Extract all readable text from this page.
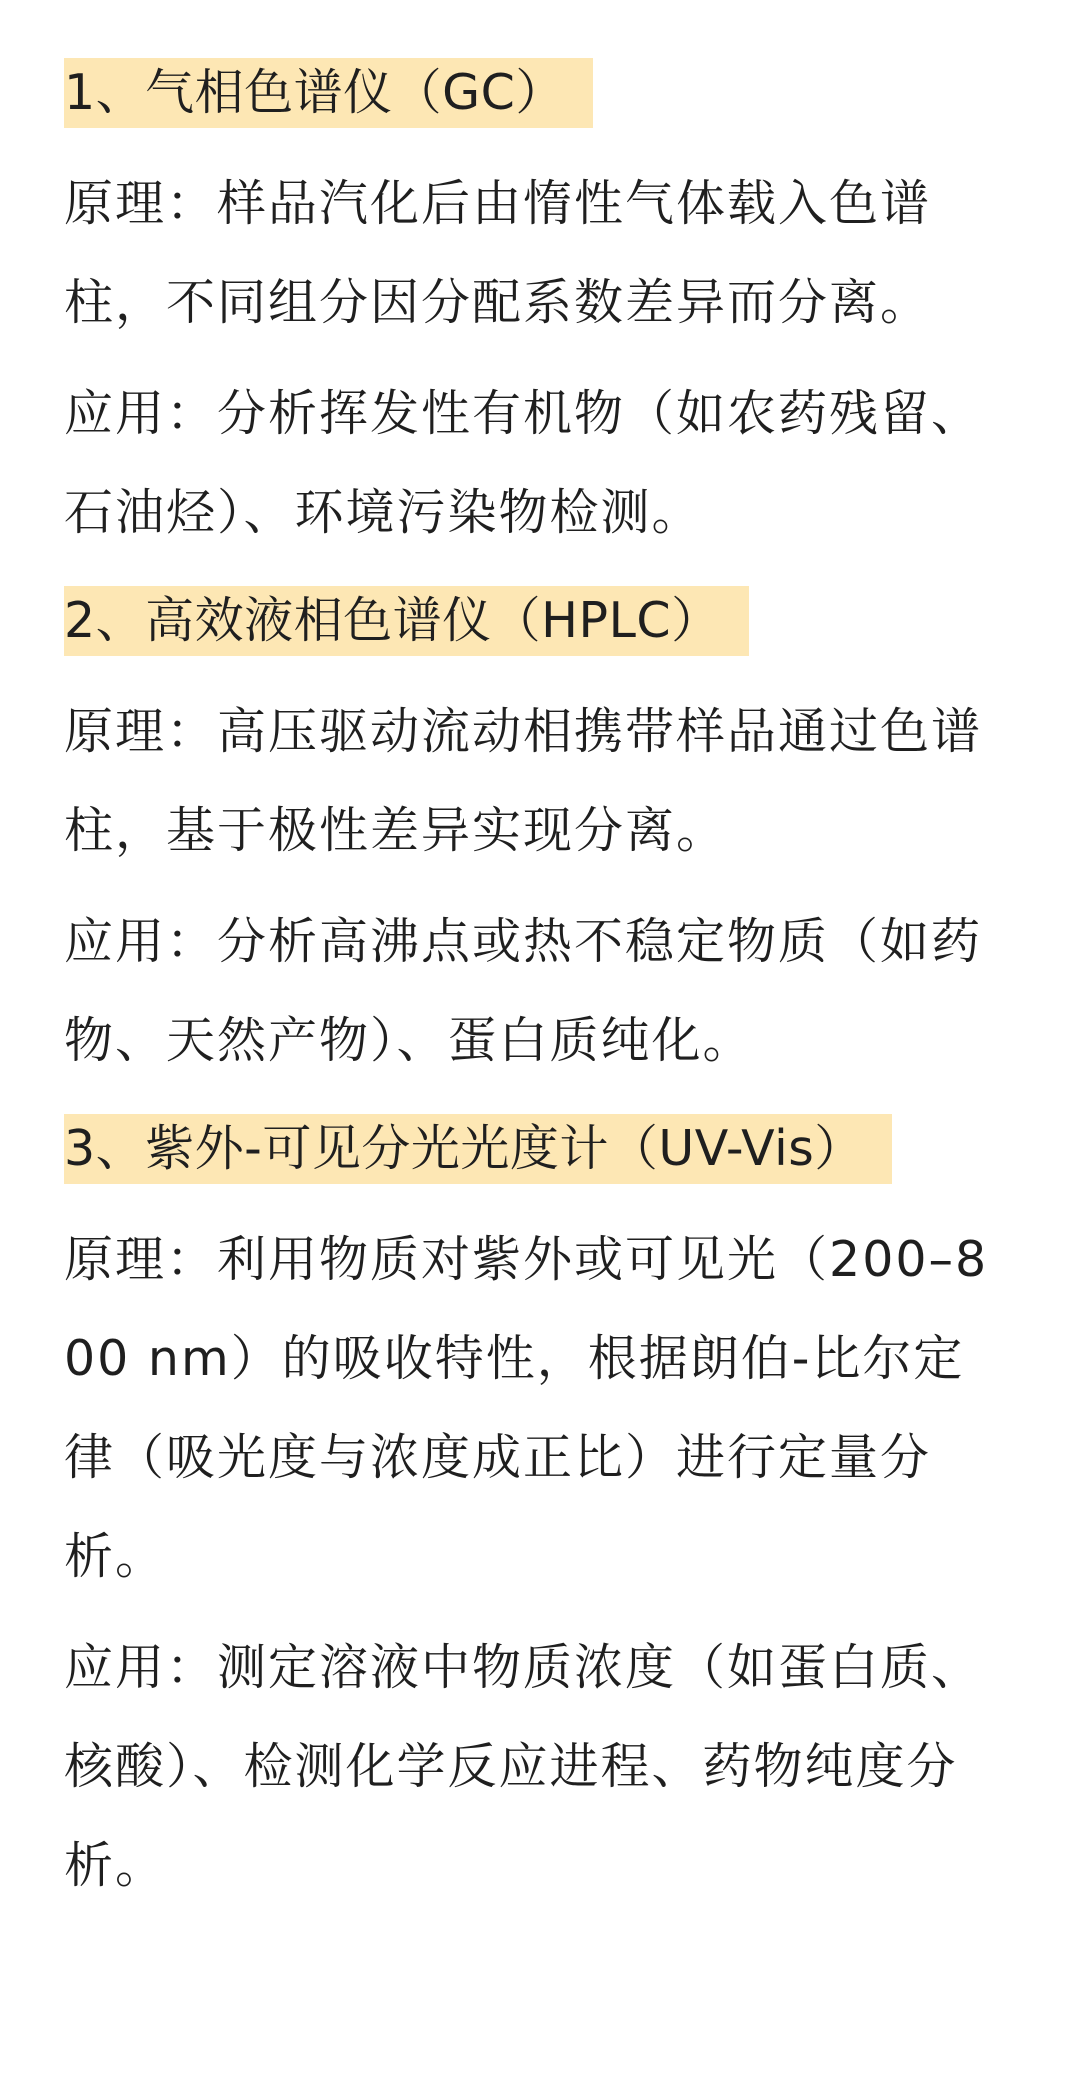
1、气相色谱仪（GC）

原理：样品汽化后由惰性气体载入色谱柱，不同组分因分配系数差异而分离。

应用：分析挥发性有机物（如农药残留、石油烃）、环境污染物检测。

2、高效液相色谱仪（HPLC）

原理：高压驱动流动相携带样品通过色谱柱，基于极性差异实现分离。

应用：分析高沸点或热不稳定物质（如药物、天然产物）、蛋白质纯化。

3、紫外-可见分光光度计（UV-Vis）

原理：利用物质对紫外或可见光（200–800 nm）的吸收特性，根据朗伯-比尔定律（吸光度与浓度成正比）进行定量分析。

应用：测定溶液中物质浓度（如蛋白质、核酸）、检测化学反应进程、药物纯度分析。
